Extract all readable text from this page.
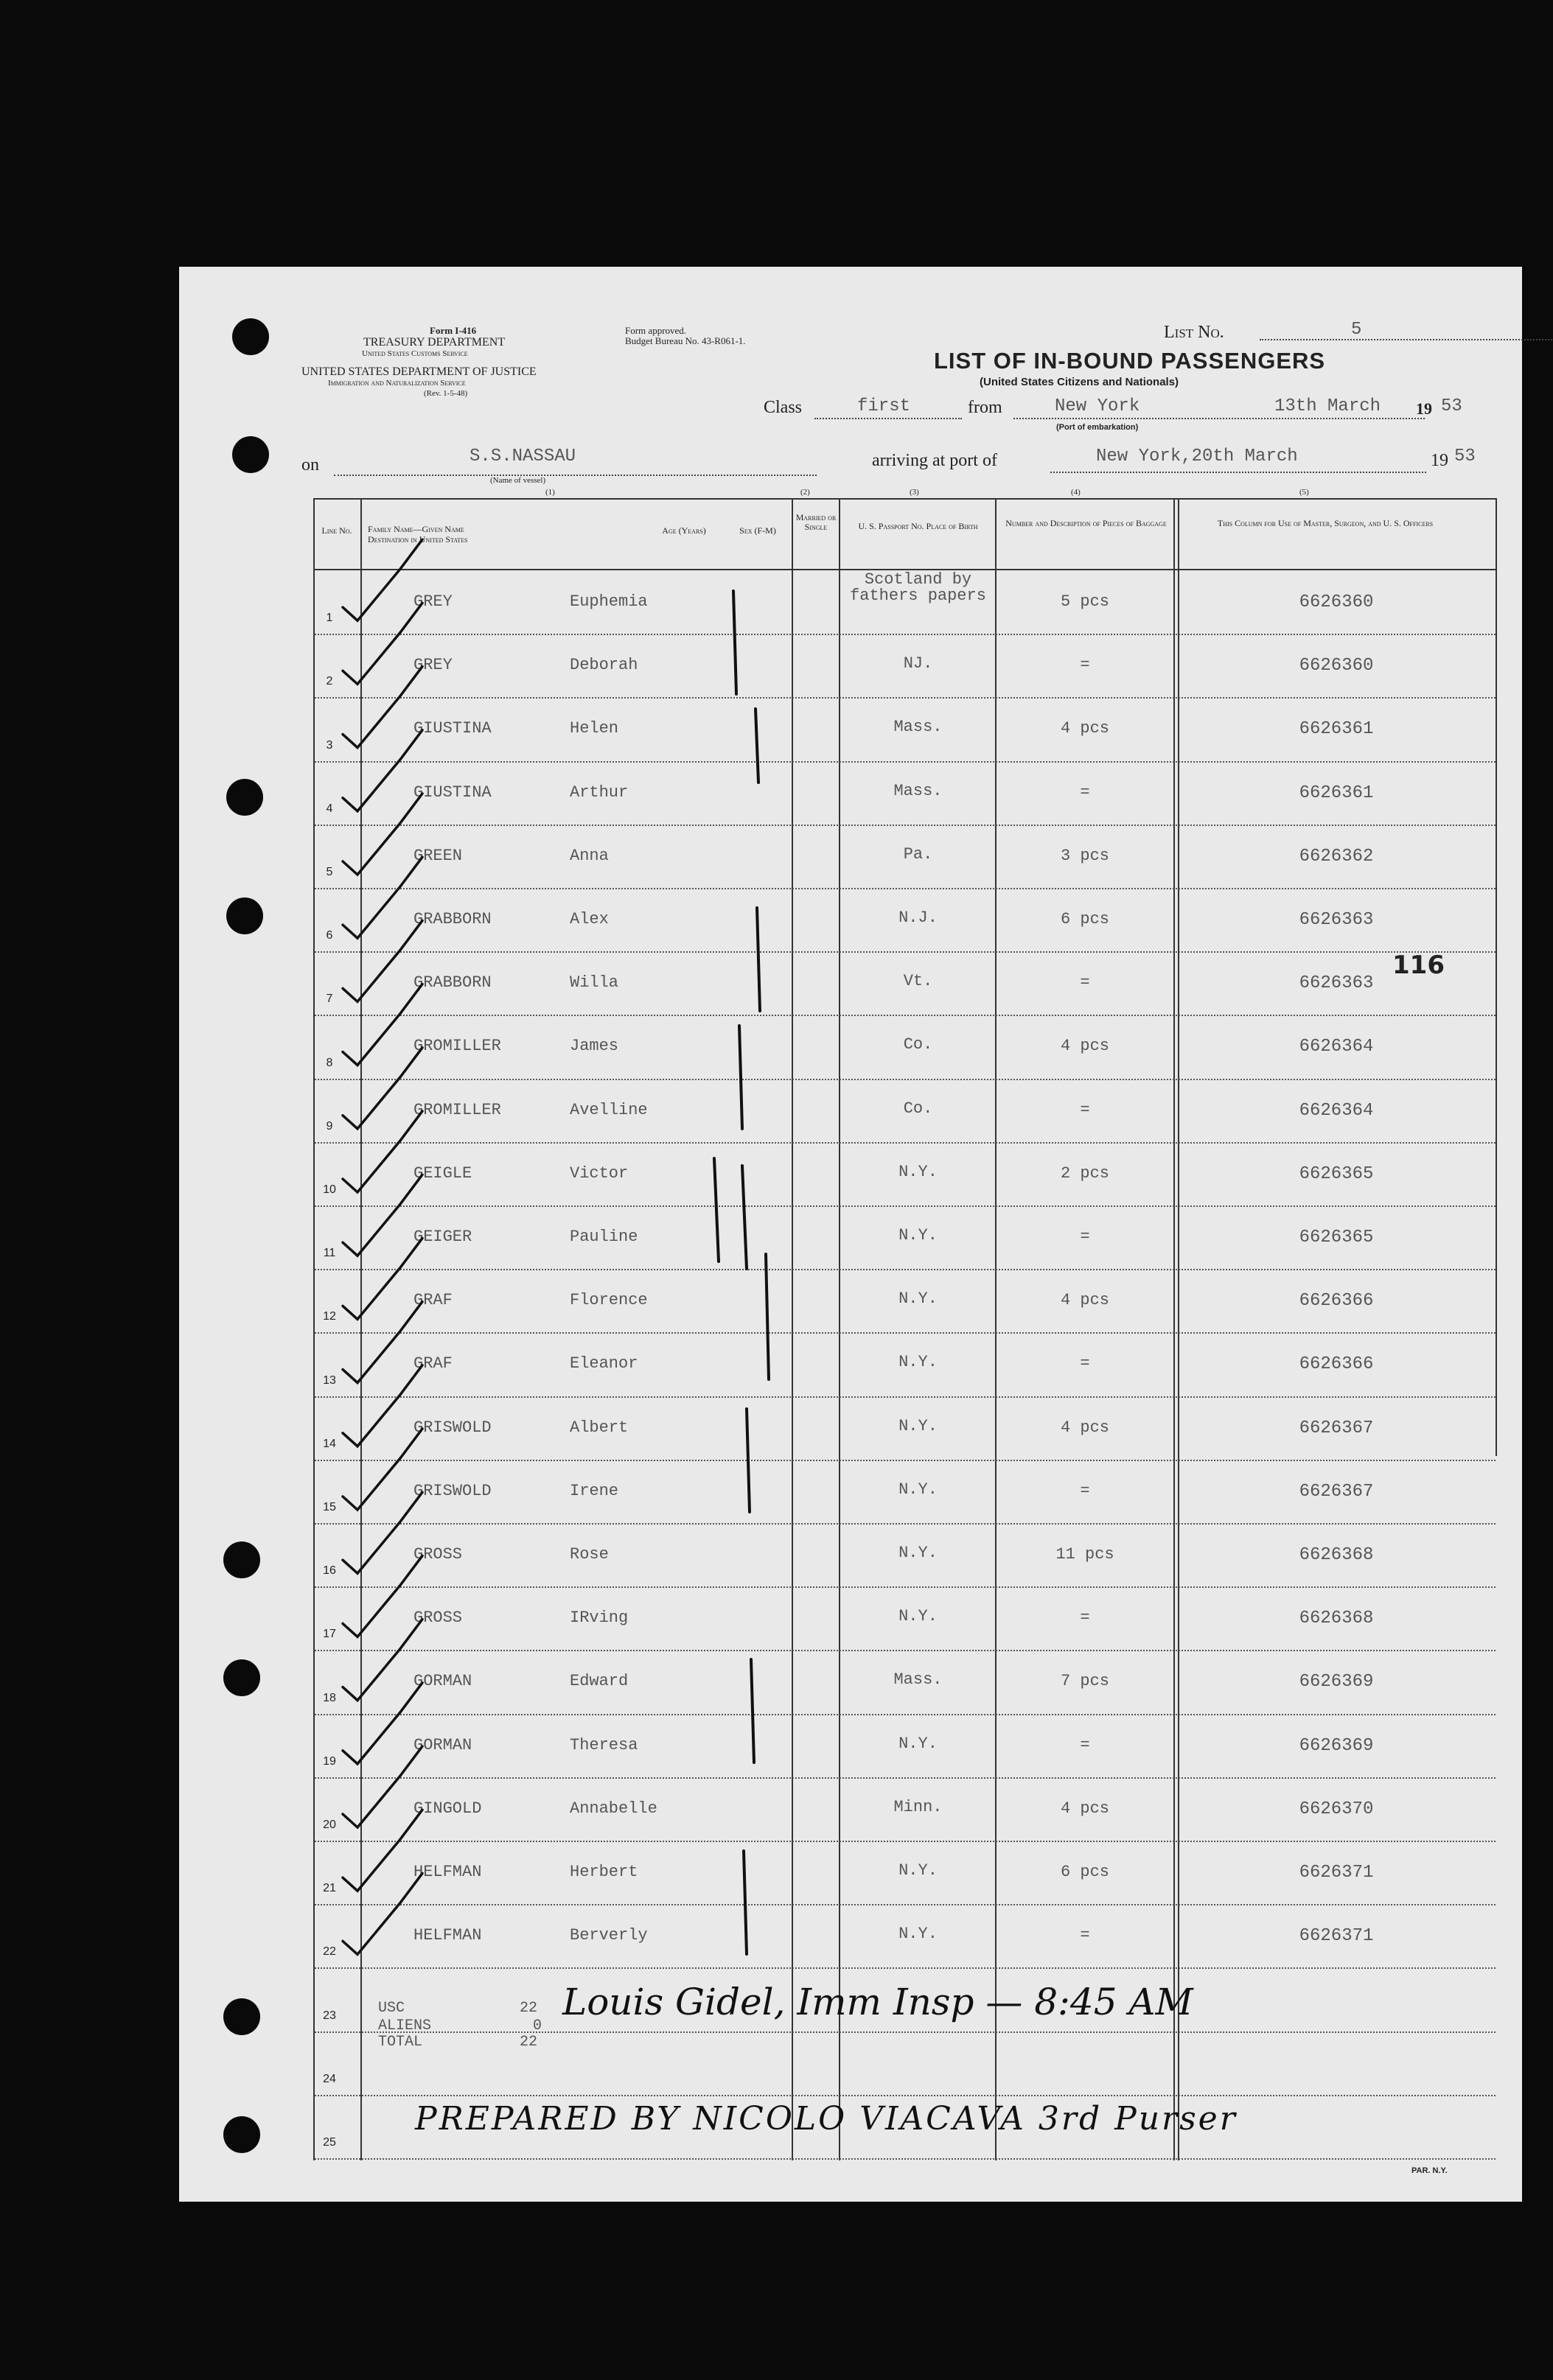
Form I-416
TREASURY DEPARTMENT
United States Customs Service
UNITED STATES DEPARTMENT OF JUSTICE
Immigration and Naturalization Service
(Rev. 1-5-48)
Form approved.
Budget Bureau No. 43-R061-1.	List No.	5
LIST OF IN-BOUND PASSENGERS
(United States Citizens and Nationals)
Class	first	from	New York	13th March 19 53
(Port of embarkation)
on	S.S.NASSAU
(Name of vessel)
arriving at port of	New York,20th March	19 53
(1)	(2)	(3)	(4)	(5)
Line No.	Family Name—Given Name
Destination in United States
Age (Years)	Sex (F-M)
Married or Single	U. S. Passport No. Place of Birth	Number and Description of Pieces of Baggage	This Column for Use of Master, Surgeon, and U. S. Officers
1
GREY	Euphemia
Scotland by fathers papers	5 pcs	6626360
2
GREY	Deborah	NJ.	=	6626360
3
GIUSTINA	Helen	Mass.	4 pcs	6626361
4
GIUSTINA	Arthur	Mass.	=	6626361
5
GREEN	Anna	Pa.	3 pcs	6626362
6
GRABBORN	Alex	N.J.	6 pcs	6626363
7
GRABBORN	Willa	Vt.	=	6626363
8
GROMILLER	James	Co.	4 pcs	6626364
9
GROMILLER	Avelline	Co.	=	6626364
10
GEIGLE	Victor	N.Y.	2 pcs	6626365
11
GEIGER	Pauline	N.Y.	=	6626365
12
GRAF	Florence	N.Y.	4 pcs	6626366
13
GRAF	Eleanor	N.Y.	=	6626366
14
GRISWOLD	Albert	N.Y.	4 pcs	6626367
15
GRISWOLD	Irene	N.Y.	=	6626367
16
GROSS	Rose	N.Y.	11 pcs	6626368
17
GROSS	IRving	N.Y.	=	6626368
18
GORMAN	Edward	Mass.	7 pcs	6626369
19
GORMAN	Theresa	N.Y.	=	6626369
20
GINGOLD	Annabelle	Minn.	4 pcs	6626370
21
HELFMAN	Herbert	N.Y.	6 pcs	6626371
22
HELFMAN	Berverly	N.Y.	=	6626371
23
24
25
116
USC	22
ALIENS	0
TOTAL	22
Louis Gidel, Imm Insp — 8:45 AM
PREPARED BY NICOLO VIACAVA 3rd Purser
PAR. N.Y.
